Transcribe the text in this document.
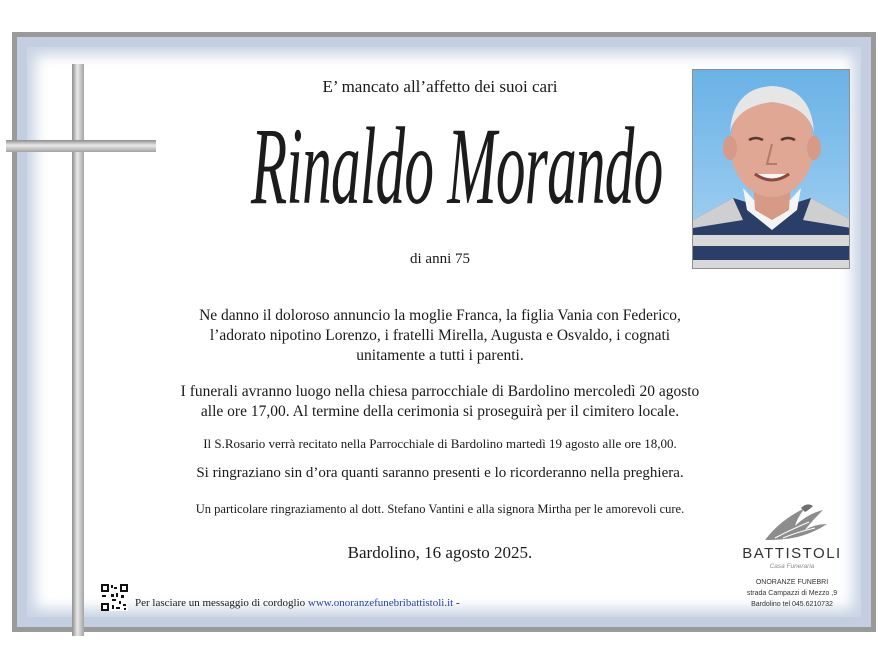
E’ mancato all’affetto dei suoi cari
Rinaldo Morando
di anni 75
Ne danno il doloroso annuncio la moglie Franca, la figlia Vania con Federico,
l’adorato nipotino Lorenzo, i fratelli Mirella, Augusta e Osvaldo, i cognati
unitamente a tutti i parenti.
I funerali avranno luogo nella chiesa parrocchiale di Bardolino mercoledì 20 agosto
alle ore 17,00. Al termine della cerimonia si proseguirà per il cimitero locale.
Il S.Rosario verrà recitato nella Parrocchiale di Bardolino martedì 19 agosto alle ore 18,00.
Si ringraziano sin d’ora quanti saranno presenti e lo ricorderanno nella preghiera.
Un particolare ringraziamento al dott. Stefano Vantini e alla signora Mirtha per le amorevoli cure.
Bardolino, 16 agosto 2025.
Per lasciare un messaggio di cordoglio www.onoranzefunebribattistoli.it -
BATTISTOLI
Casa Funeraria
ONORANZE FUNEBRI
strada Campazzi di Mezzo ,9
Bardolino tel 045.6210732
